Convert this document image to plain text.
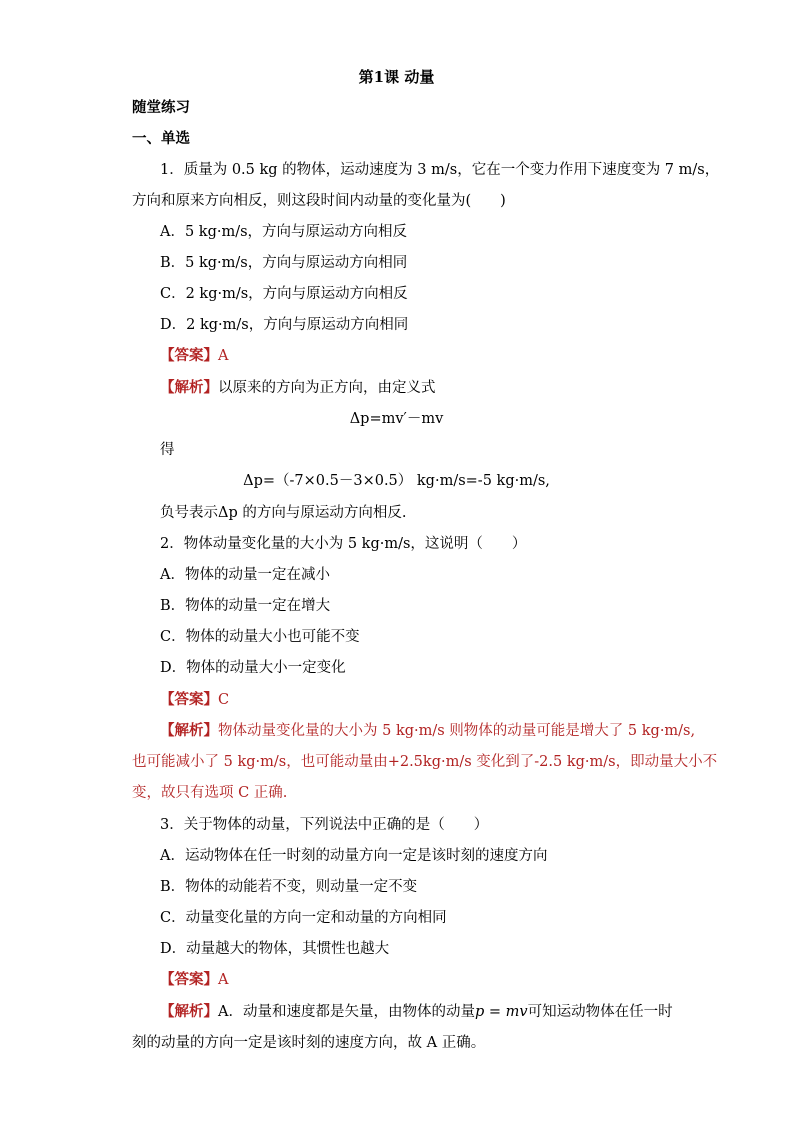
第1课 动量
随堂练习
一、单选
1．质量为 0.5 kg 的物体，运动速度为 3 m/s，它在一个变力作用下速度变为 7 m/s，
方向和原来方向相反，则这段时间内动量的变化量为(　　)
A．5 kg·m/s，方向与原运动方向相反
B．5 kg·m/s，方向与原运动方向相同
C．2 kg·m/s，方向与原运动方向相反
D．2 kg·m/s，方向与原运动方向相同
【答案】A
【解析】以原来的方向为正方向，由定义式
Δp=mv′－mv
得
Δp=（-7×0.5－3×0.5） kg·m/s=-5 kg·m/s,
负号表示Δp 的方向与原运动方向相反.
2．物体动量变化量的大小为 5 kg·m/s，这说明（　　）
A．物体的动量一定在减小
B．物体的动量一定在增大
C．物体的动量大小也可能不变
D．物体的动量大小一定变化
【答案】C
【解析】物体动量变化量的大小为 5 kg·m/s 则物体的动量可能是增大了 5 kg·m/s,
也可能减小了 5 kg·m/s，也可能动量由+2.5kg·m/s 变化到了-2.5 kg·m/s，即动量大小不
变，故只有选项 C 正确.
3．关于物体的动量，下列说法中正确的是（　　）
A．运动物体在任一时刻的动量方向一定是该时刻的速度方向
B．物体的动能若不变，则动量一定不变
C．动量变化量的方向一定和动量的方向相同
D．动量越大的物体，其惯性也越大
【答案】A
【解析】A．动量和速度都是矢量，由物体的动量p = mv可知运动物体在任一时
刻的动量的方向一定是该时刻的速度方向，故 A 正确。
